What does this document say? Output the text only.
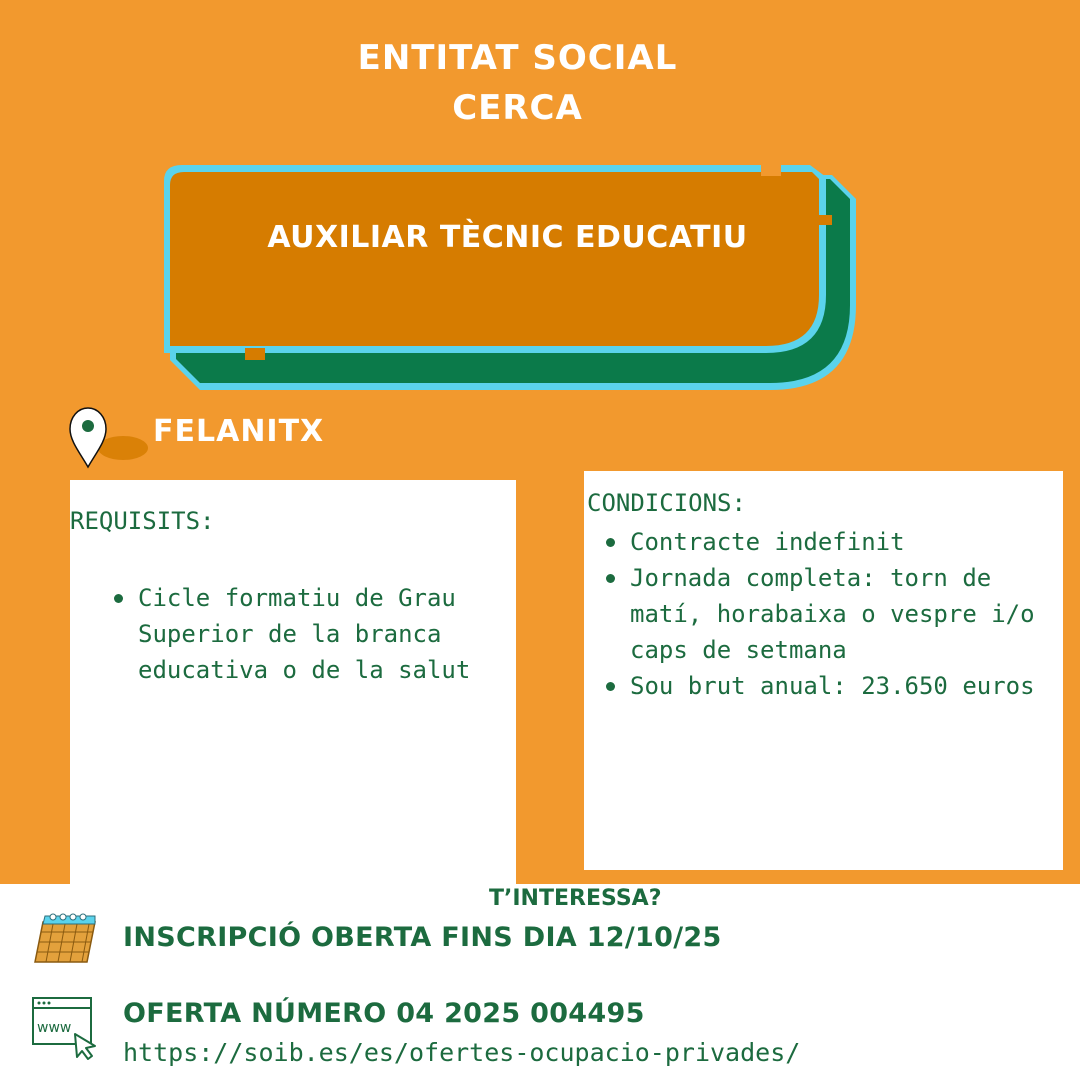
ENTITAT SOCIAL
CERCA
AUXILIAR TÈCNIC EDUCATIU
FELANITX
REQUISITS:
Cicle formatiu de Grau Superior de la branca educativa o de la salut
CONDICIONS:
Contracte indefinit
Jornada completa: torn de matí, horabaixa o vespre i/o caps de setmana
Sou brut anual: 23.650 euros
T’INTERESSA?
INSCRIPCIÓ OBERTA FINS DIA 12/10/25
www OFERTA NÚMERO 04 2025 004495
https://soib.es/es/ofertes-ocupacio-privades/
